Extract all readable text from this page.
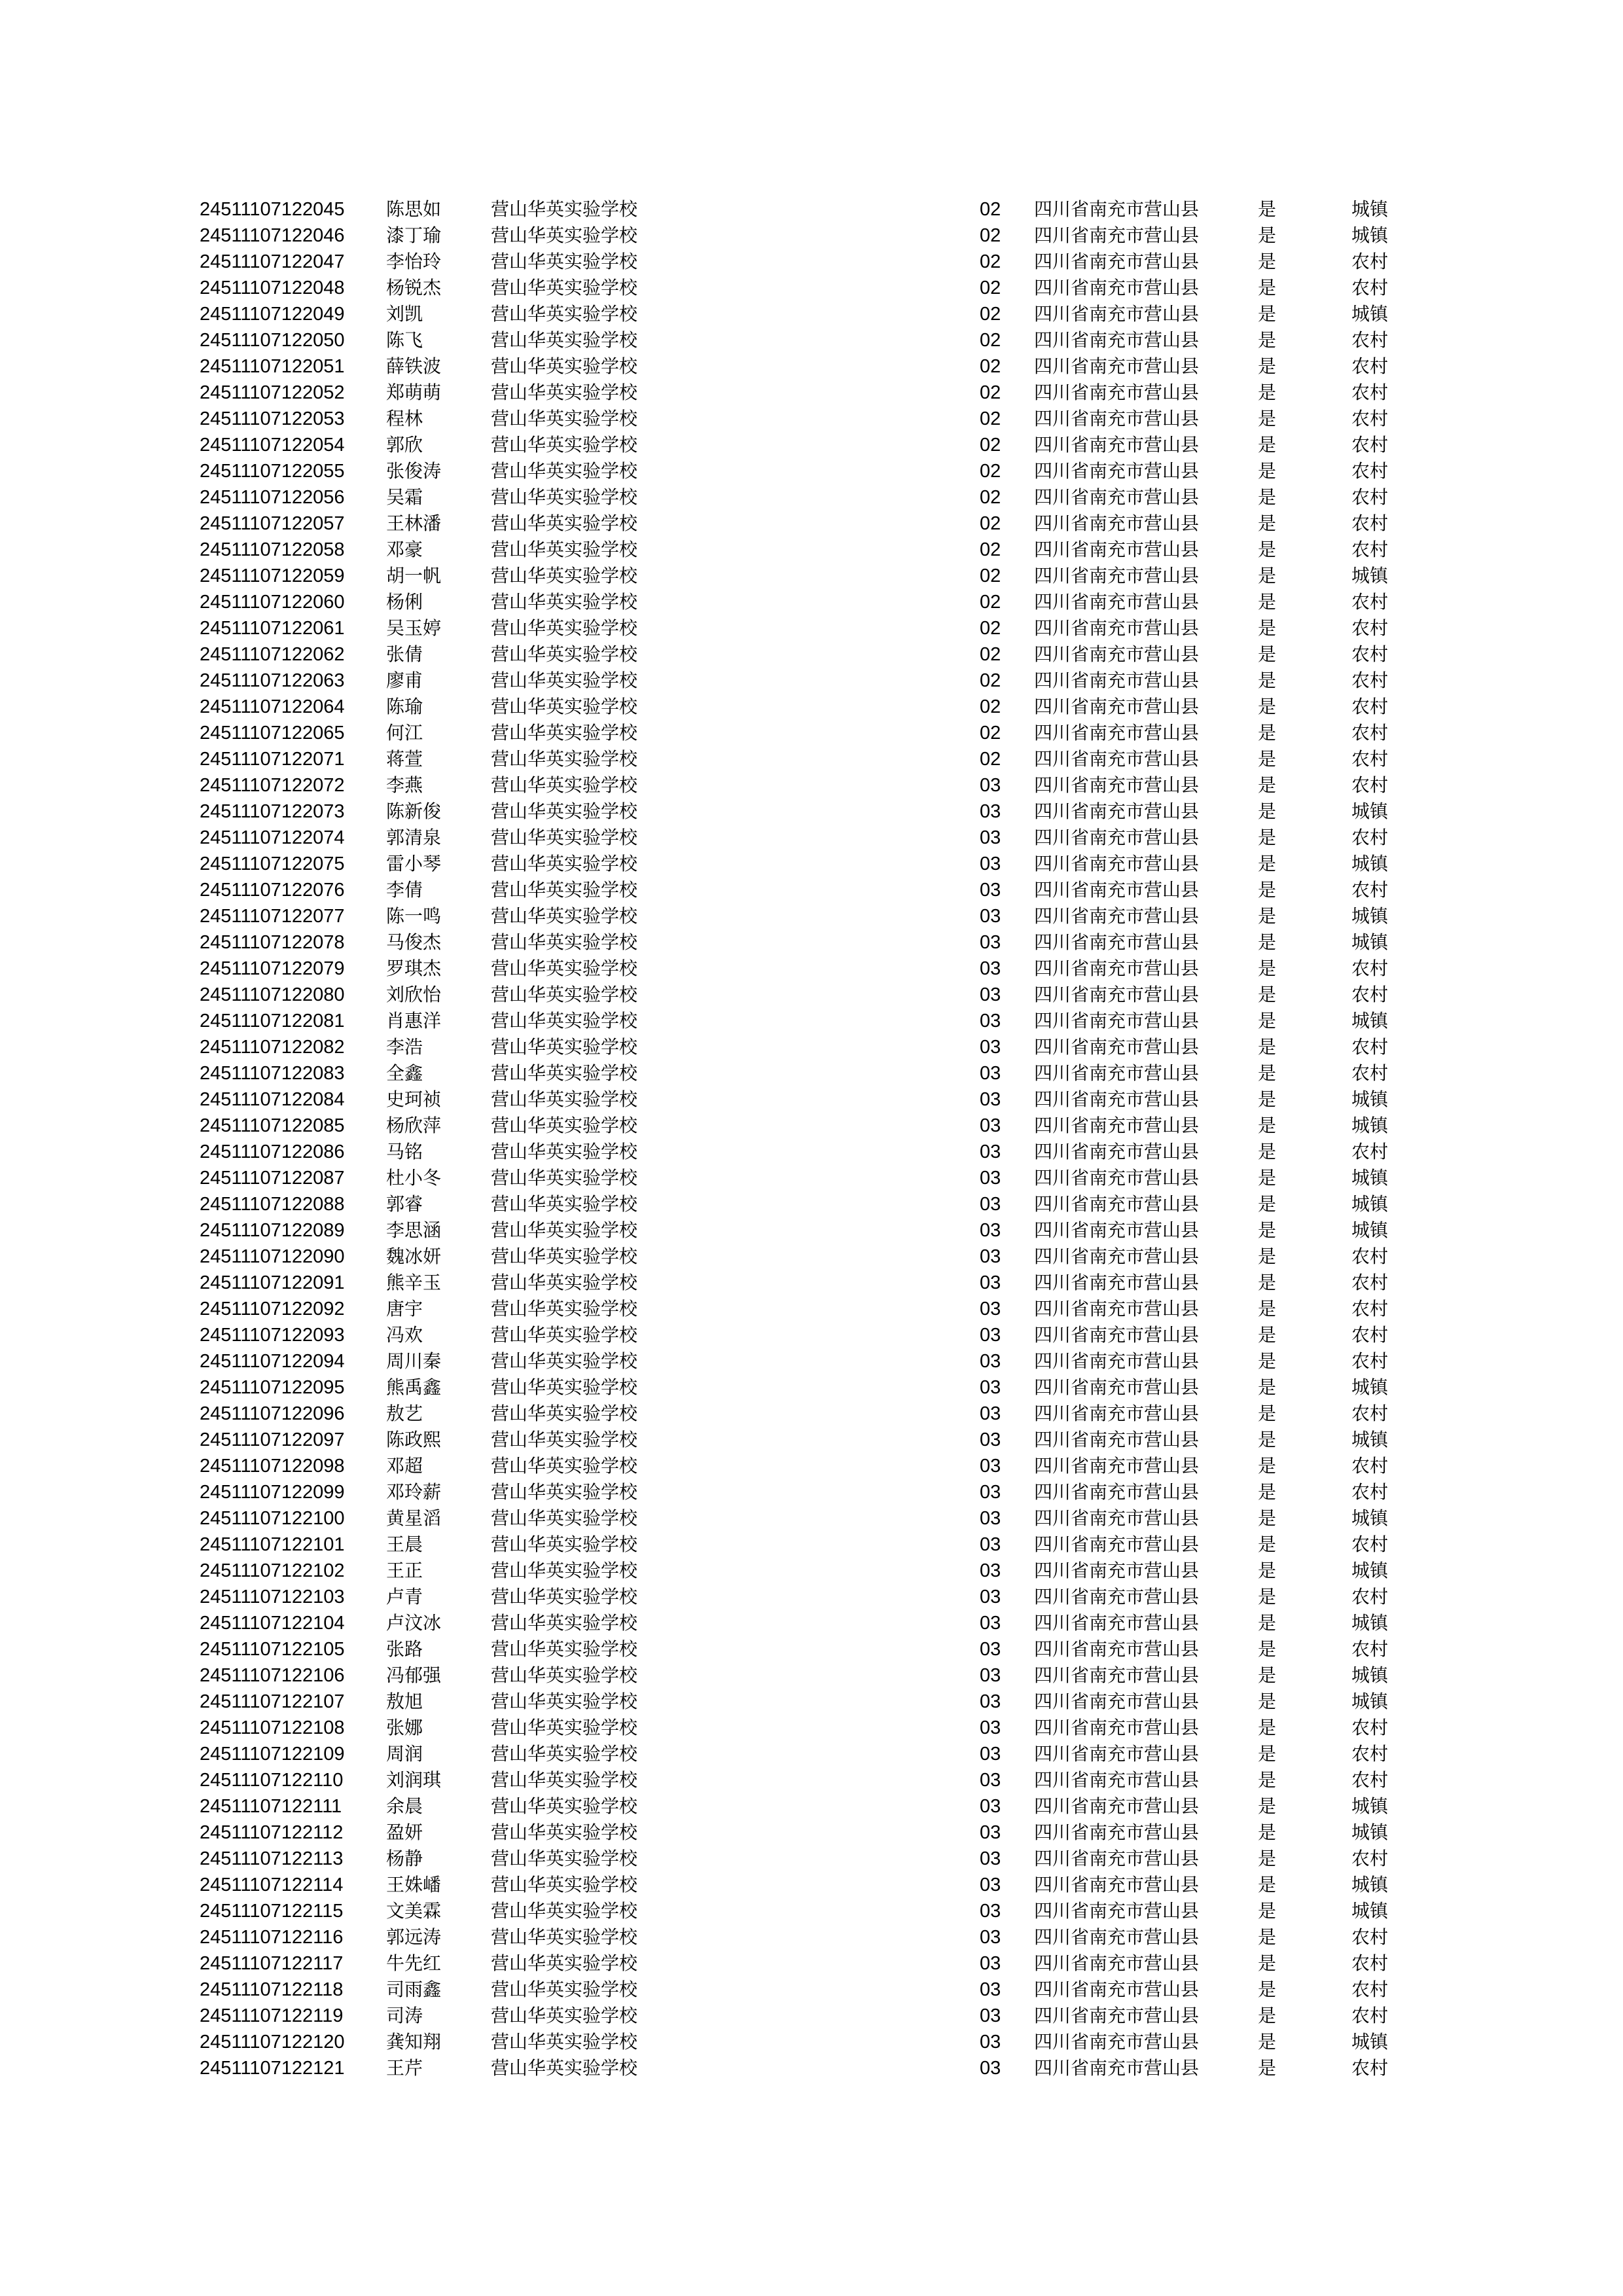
24511107122045 陈思如	营山华英实验学校	02 四川省南充市营山县	是	城镇
24511107122046 漆丁瑜	营山华英实验学校	02 四川省南充市营山县	是	城镇
24511107122047 李怡玲	营山华英实验学校	02 四川省南充市营山县	是	农村
24511107122048 杨锐杰	营山华英实验学校	02 四川省南充市营山县	是	农村
24511107122049 刘凯	营山华英实验学校	02 四川省南充市营山县	是	城镇
24511107122050 陈飞	营山华英实验学校	02 四川省南充市营山县	是	农村
24511107122051 薛铁波	营山华英实验学校	02 四川省南充市营山县	是	农村
24511107122052 郑萌萌	营山华英实验学校	02 四川省南充市营山县	是	农村
24511107122053 程林	营山华英实验学校	02 四川省南充市营山县	是	农村
24511107122054 郭欣	营山华英实验学校	02 四川省南充市营山县	是	农村
24511107122055 张俊涛	营山华英实验学校	02 四川省南充市营山县	是	农村
24511107122056 吴霜	营山华英实验学校	02 四川省南充市营山县	是	农村
24511107122057 王林潘	营山华英实验学校	02 四川省南充市营山县	是	农村
24511107122058 邓豪	营山华英实验学校	02 四川省南充市营山县	是	农村
24511107122059 胡一帆	营山华英实验学校	02 四川省南充市营山县	是	城镇
24511107122060 杨俐	营山华英实验学校	02 四川省南充市营山县	是	农村
24511107122061 吴玉婷	营山华英实验学校	02 四川省南充市营山县	是	农村
24511107122062 张倩	营山华英实验学校	02 四川省南充市营山县	是	农村
24511107122063 廖甫	营山华英实验学校	02 四川省南充市营山县	是	农村
24511107122064 陈瑜	营山华英实验学校	02 四川省南充市营山县	是	农村
24511107122065 何江	营山华英实验学校	02 四川省南充市营山县	是	农村
24511107122071 蒋萱	营山华英实验学校	02 四川省南充市营山县	是	农村
24511107122072 李燕	营山华英实验学校	03 四川省南充市营山县	是	农村
24511107122073 陈新俊	营山华英实验学校	03 四川省南充市营山县	是	城镇
24511107122074 郭清泉	营山华英实验学校	03 四川省南充市营山县	是	农村
24511107122075 雷小琴	营山华英实验学校	03 四川省南充市营山县	是	城镇
24511107122076 李倩	营山华英实验学校	03 四川省南充市营山县	是	农村
24511107122077 陈一鸣	营山华英实验学校	03 四川省南充市营山县	是	城镇
24511107122078 马俊杰	营山华英实验学校	03 四川省南充市营山县	是	城镇
24511107122079 罗琪杰	营山华英实验学校	03 四川省南充市营山县	是	农村
24511107122080 刘欣怡	营山华英实验学校	03 四川省南充市营山县	是	农村
24511107122081 肖惠洋	营山华英实验学校	03 四川省南充市营山县	是	城镇
24511107122082 李浩	营山华英实验学校	03 四川省南充市营山县	是	农村
24511107122083 全鑫	营山华英实验学校	03 四川省南充市营山县	是	农村
24511107122084 史珂祯	营山华英实验学校	03 四川省南充市营山县	是	城镇
24511107122085 杨欣萍	营山华英实验学校	03 四川省南充市营山县	是	城镇
24511107122086 马铭	营山华英实验学校	03 四川省南充市营山县	是	农村
24511107122087 杜小冬	营山华英实验学校	03 四川省南充市营山县	是	城镇
24511107122088 郭睿	营山华英实验学校	03 四川省南充市营山县	是	城镇
24511107122089 李思涵	营山华英实验学校	03 四川省南充市营山县	是	城镇
24511107122090 魏冰妍	营山华英实验学校	03 四川省南充市营山县	是	农村
24511107122091 熊辛玉	营山华英实验学校	03 四川省南充市营山县	是	农村
24511107122092 唐宇	营山华英实验学校	03 四川省南充市营山县	是	农村
24511107122093 冯欢	营山华英实验学校	03 四川省南充市营山县	是	农村
24511107122094 周川秦	营山华英实验学校	03 四川省南充市营山县	是	农村
24511107122095 熊禹鑫	营山华英实验学校	03 四川省南充市营山县	是	城镇
24511107122096 敖艺	营山华英实验学校	03 四川省南充市营山县	是	农村
24511107122097 陈政熙	营山华英实验学校	03 四川省南充市营山县	是	城镇
24511107122098 邓超	营山华英实验学校	03 四川省南充市营山县	是	农村
24511107122099 邓玲薪	营山华英实验学校	03 四川省南充市营山县	是	农村
24511107122100 黄星滔	营山华英实验学校	03 四川省南充市营山县	是	城镇
24511107122101 王晨	营山华英实验学校	03 四川省南充市营山县	是	农村
24511107122102 王正	营山华英实验学校	03 四川省南充市营山县	是	城镇
24511107122103 卢青	营山华英实验学校	03 四川省南充市营山县	是	农村
24511107122104 卢汶冰	营山华英实验学校	03 四川省南充市营山县	是	城镇
24511107122105 张路	营山华英实验学校	03 四川省南充市营山县	是	农村
24511107122106 冯郁强	营山华英实验学校	03 四川省南充市营山县	是	城镇
24511107122107 敖旭	营山华英实验学校	03 四川省南充市营山县	是	城镇
24511107122108 张娜	营山华英实验学校	03 四川省南充市营山县	是	农村
24511107122109 周润	营山华英实验学校	03 四川省南充市营山县	是	农村
24511107122110 刘润琪	营山华英实验学校	03 四川省南充市营山县	是	农村
24511107122111 余晨	营山华英实验学校	03 四川省南充市营山县	是	城镇
24511107122112 盈妍	营山华英实验学校	03 四川省南充市营山县	是	城镇
24511107122113 杨静	营山华英实验学校	03 四川省南充市营山县	是	农村
24511107122114 王姝嶓	营山华英实验学校	03 四川省南充市营山县	是	城镇
24511107122115 文美霖	营山华英实验学校	03 四川省南充市营山县	是	城镇
24511107122116 郭远涛	营山华英实验学校	03 四川省南充市营山县	是	农村
24511107122117 牛先红	营山华英实验学校	03 四川省南充市营山县	是	农村
24511107122118 司雨鑫	营山华英实验学校	03 四川省南充市营山县	是	农村
24511107122119 司涛	营山华英实验学校	03 四川省南充市营山县	是	农村
24511107122120 龚知翔	营山华英实验学校	03 四川省南充市营山县	是	城镇
24511107122121 王芹	营山华英实验学校	03 四川省南充市营山县	是	农村
